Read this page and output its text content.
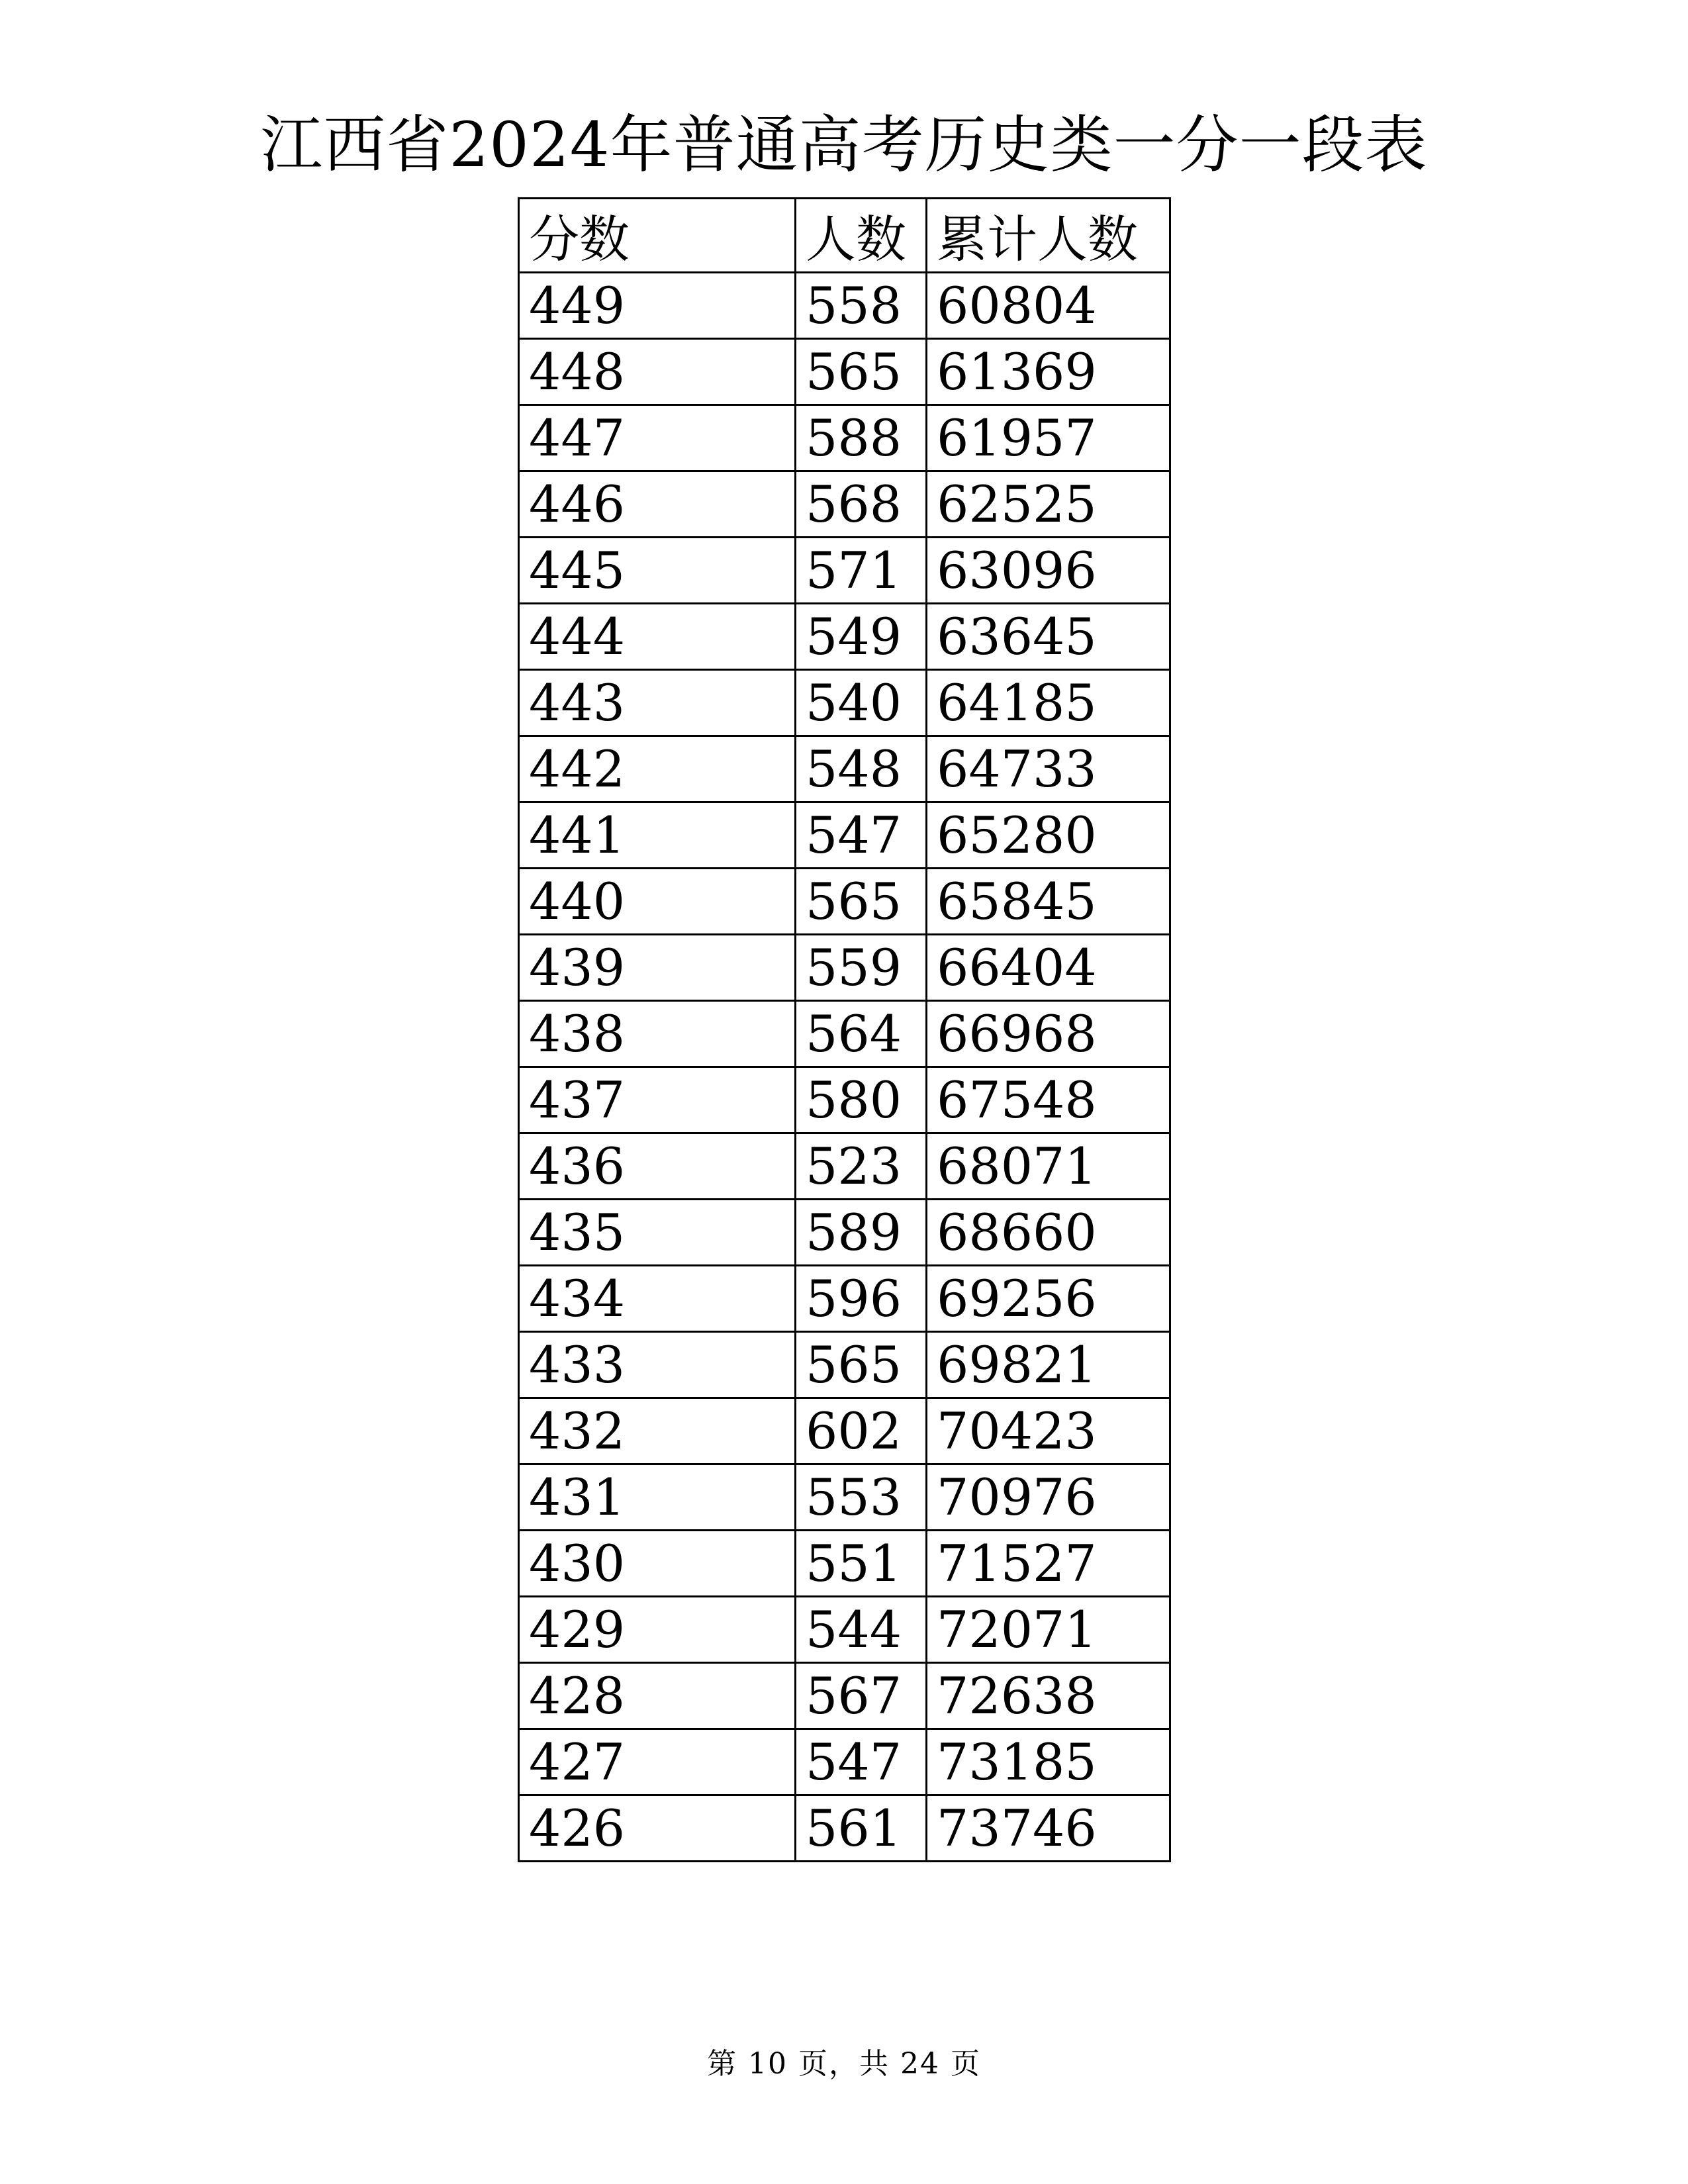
江西省2024年普通高考历史类一分一段表
分数	人数	累计人数
449	558	60804
448	565	61369
447	588	61957
446	568	62525
445	571	63096
444	549	63645
443	540	64185
442	548	64733
441	547	65280
440	565	65845
439	559	66404
438	564	66968
437	580	67548
436	523	68071
435	589	68660
434	596	69256
433	565	69821
432	602	70423
431	553	70976
430	551	71527
429	544	72071
428	567	72638
427	547	73185
426	561	73746
第 10 页，共 24 页
